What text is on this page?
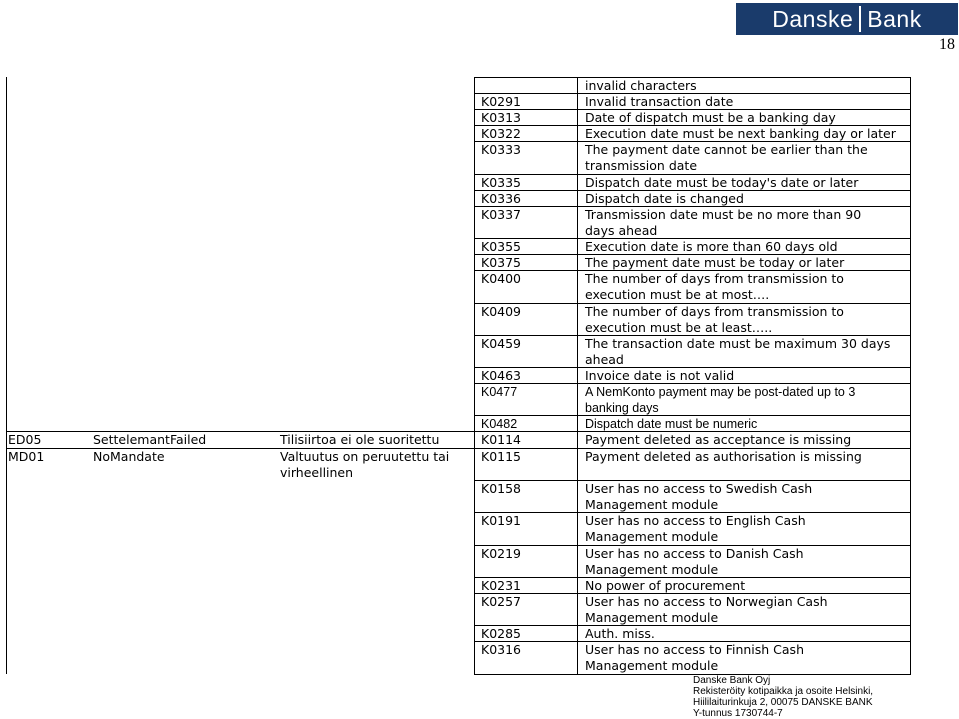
Danske Bank
18
invalid characters
K0291	Invalid transaction date
K0313	Date of dispatch must be a banking day
K0322	Execution date must be next banking day or later
K0333	The payment date cannot be earlier than the
transmission date
K0335	Dispatch date must be today's date or later
K0336	Dispatch date is changed
K0337	Transmission date must be no more than 90
days ahead
K0355	Execution date is more than 60 days old
K0375	The payment date must be today or later
K0400	The number of days from transmission to
execution must be at most….
K0409	The number of days from transmission to
execution must be at least…..
K0459	The transaction date must be maximum 30 days
ahead
K0463	Invoice date is not valid
K0477	A NemKonto payment may be post-dated up to 3
banking days
K0482	Dispatch date must be numeric
ED05	SettelemantFailed	Tilisiirtoa ei ole suoritettu	K0114	Payment deleted as acceptance is missing
MD01	NoMandate	Valtuutus on peruutettu tai
virheellinen
K0115	Payment deleted as authorisation is missing
K0158	User has no access to Swedish Cash
Management module
K0191	User has no access to English Cash
Management module
K0219	User has no access to Danish Cash
Management module
K0231	No power of procurement
K0257	User has no access to Norwegian Cash
Management module
K0285	Auth. miss.
K0316	User has no access to Finnish Cash
Management module
Danske Bank Oyj
Rekisteröity kotipaikka ja osoite Helsinki,
Hiililaiturinkuja 2, 00075 DANSKE BANK
Y-tunnus 1730744-7
